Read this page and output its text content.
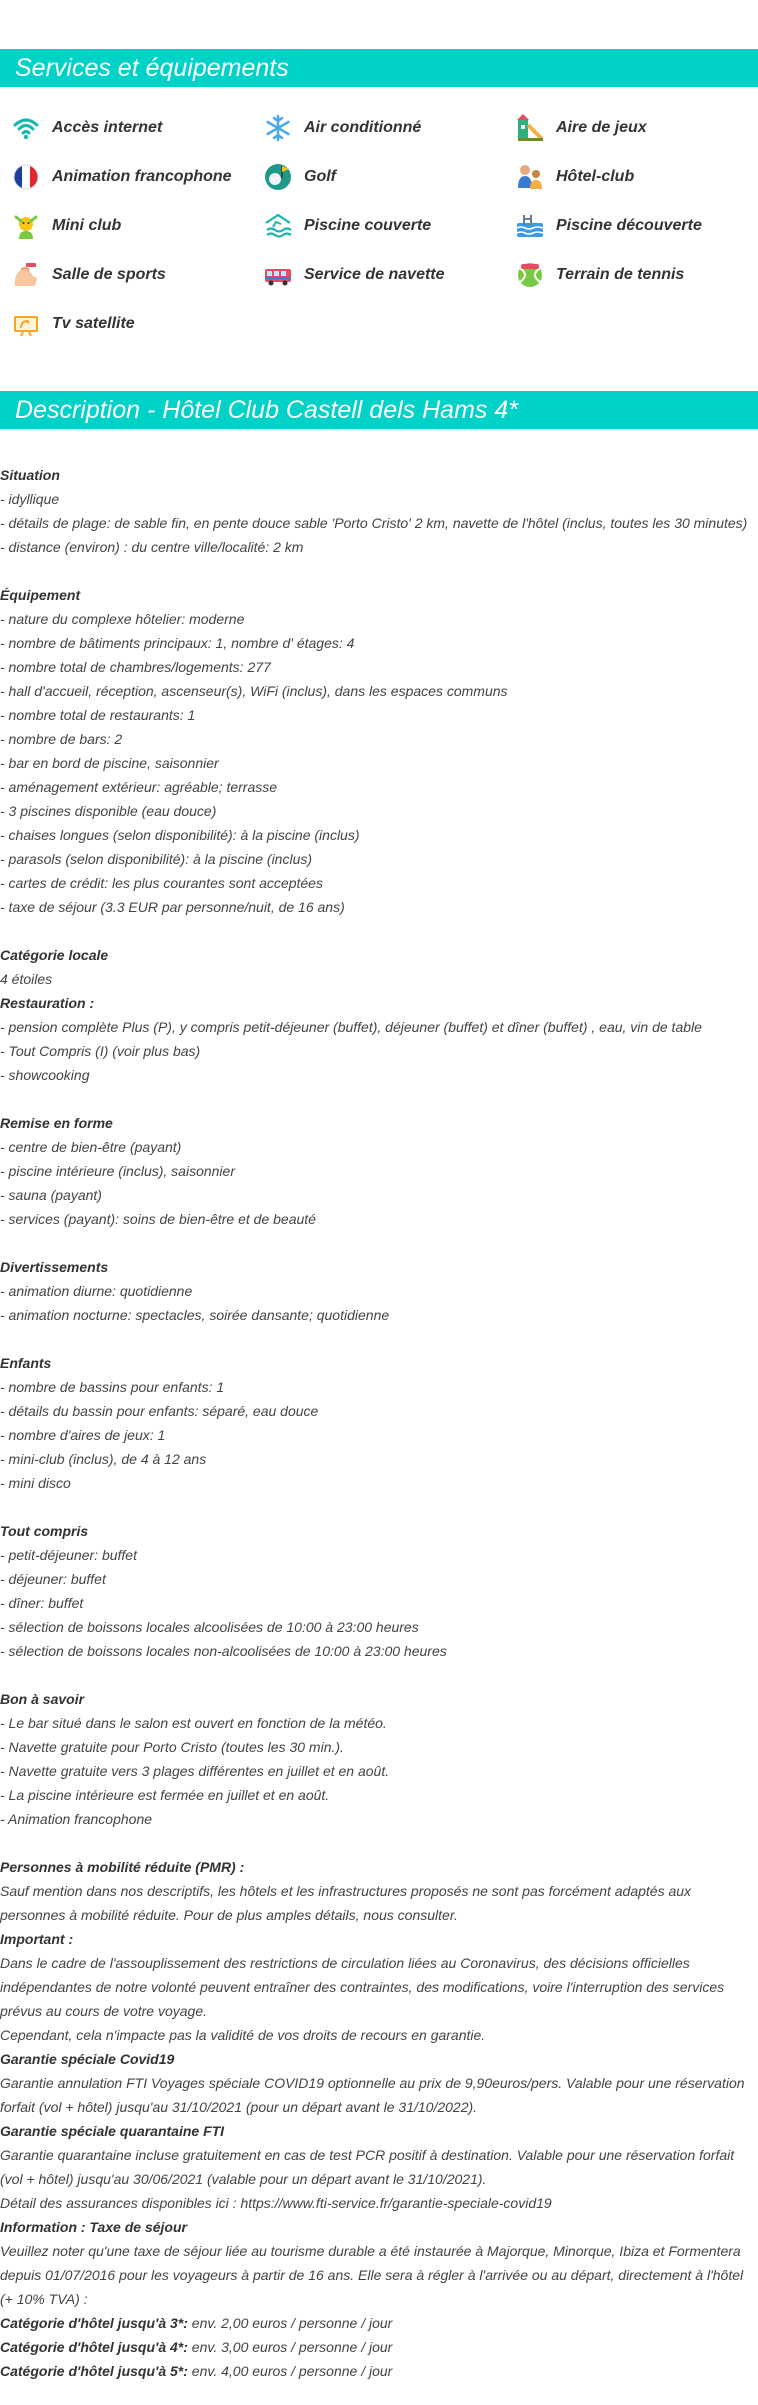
Services et équipements
Accès internet	Air conditionné	Aire de jeux
Animation francophone	Golf	Hôtel-club
Mini club	Piscine couverte	Piscine découverte
Salle de sports	Service de navette	Terrain de tennis
Tv satellite
Description - Hôtel Club Castell dels Hams 4*
Situation
- idyllique
- détails de plage: de sable fin, en pente douce sable 'Porto Cristo' 2 km, navette de l'hôtel (inclus, toutes les 30 minutes)
- distance (environ) : du centre ville/localité: 2 km
Équipement
- nature du complexe hôtelier: moderne
- nombre de bâtiments principaux: 1, nombre d' étages: 4
- nombre total de chambres/logements: 277
- hall d'accueil, réception, ascenseur(s), WiFi (inclus), dans les espaces communs
- nombre total de restaurants: 1
- nombre de bars: 2
- bar en bord de piscine, saisonnier
- aménagement extérieur: agréable; terrasse
- 3 piscines disponible (eau douce)
- chaises longues (selon disponibilité): à la piscine (inclus)
- parasols (selon disponibilité): à la piscine (inclus)
- cartes de crédit: les plus courantes sont acceptées
- taxe de séjour (3.3 EUR par personne/nuit, de 16 ans)
Catégorie locale
4 étoiles
Restauration :
- pension complète Plus (P), y compris petit-déjeuner (buffet), déjeuner (buffet) et dîner (buffet) , eau, vin de table
- Tout Compris (I) (voir plus bas)
- showcooking
Remise en forme
- centre de bien-être (payant)
- piscine intérieure (inclus), saisonnier
- sauna (payant)
- services (payant): soins de bien-être et de beauté
Divertissements
- animation diurne: quotidienne
- animation nocturne: spectacles, soirée dansante; quotidienne
Enfants
- nombre de bassins pour enfants: 1
- détails du bassin pour enfants: séparé, eau douce
- nombre d'aires de jeux: 1
- mini-club (inclus), de 4 à 12 ans
- mini disco
Tout compris
- petit-déjeuner: buffet
- déjeuner: buffet
- dîner: buffet
- sélection de boissons locales alcoolisées de 10:00 à 23:00 heures
- sélection de boissons locales non-alcoolisées de 10:00 à 23:00 heures
Bon à savoir
- Le bar situé dans le salon est ouvert en fonction de la météo.
- Navette gratuite pour Porto Cristo (toutes les 30 min.).
- Navette gratuite vers 3 plages différentes en juillet et en août.
- La piscine intérieure est fermée en juillet et en août.
- Animation francophone

Personnes à mobilité réduite (PMR) :

Sauf mention dans nos descriptifs, les hôtels et les infrastructures proposés ne sont pas forcément adaptés aux personnes à mobilité réduite. Pour de plus amples détails, nous consulter.

Important :

Dans le cadre de l'assouplissement des restrictions de circulation liées au Coronavirus, des décisions officielles indépendantes de notre volonté peuvent entraîner des contraintes, des modifications, voire l'interruption des services prévus au cours de votre voyage.

Cependant, cela n'impacte pas la validité de vos droits de recours en garantie.

Garantie spéciale Covid19

Garantie annulation FTI Voyages spéciale COVID19 optionnelle au prix de 9,90euros/pers. Valable pour une réservation forfait (vol + hôtel) jusqu'au 31/10/2021 (pour un départ avant le 31/10/2022).

Garantie spéciale quarantaine FTI

Garantie quarantaine incluse gratuitement en cas de test PCR positif à destination. Valable pour une réservation forfait (vol + hôtel) jusqu'au 30/06/2021 (valable pour un départ avant le 31/10/2021).

Détail des assurances disponibles ici : https://www.fti-service.fr/garantie-speciale-covid19

Information : Taxe de séjour

Veuillez noter qu'une taxe de séjour liée au tourisme durable a été instaurée à Majorque, Minorque, Ibiza et Formentera depuis 01/07/2016 pour les voyageurs à partir de 16 ans. Elle sera à régler à l'arrivée ou au départ, directement à l'hôtel (+ 10% TVA) :

Catégorie d'hôtel jusqu'à 3*: env. 2,00 euros / personne / jour

Catégorie d'hôtel jusqu'à 4*: env. 3,00 euros / personne / jour

Catégorie d'hôtel jusqu'à 5*: env. 4,00 euros / personne / jour
